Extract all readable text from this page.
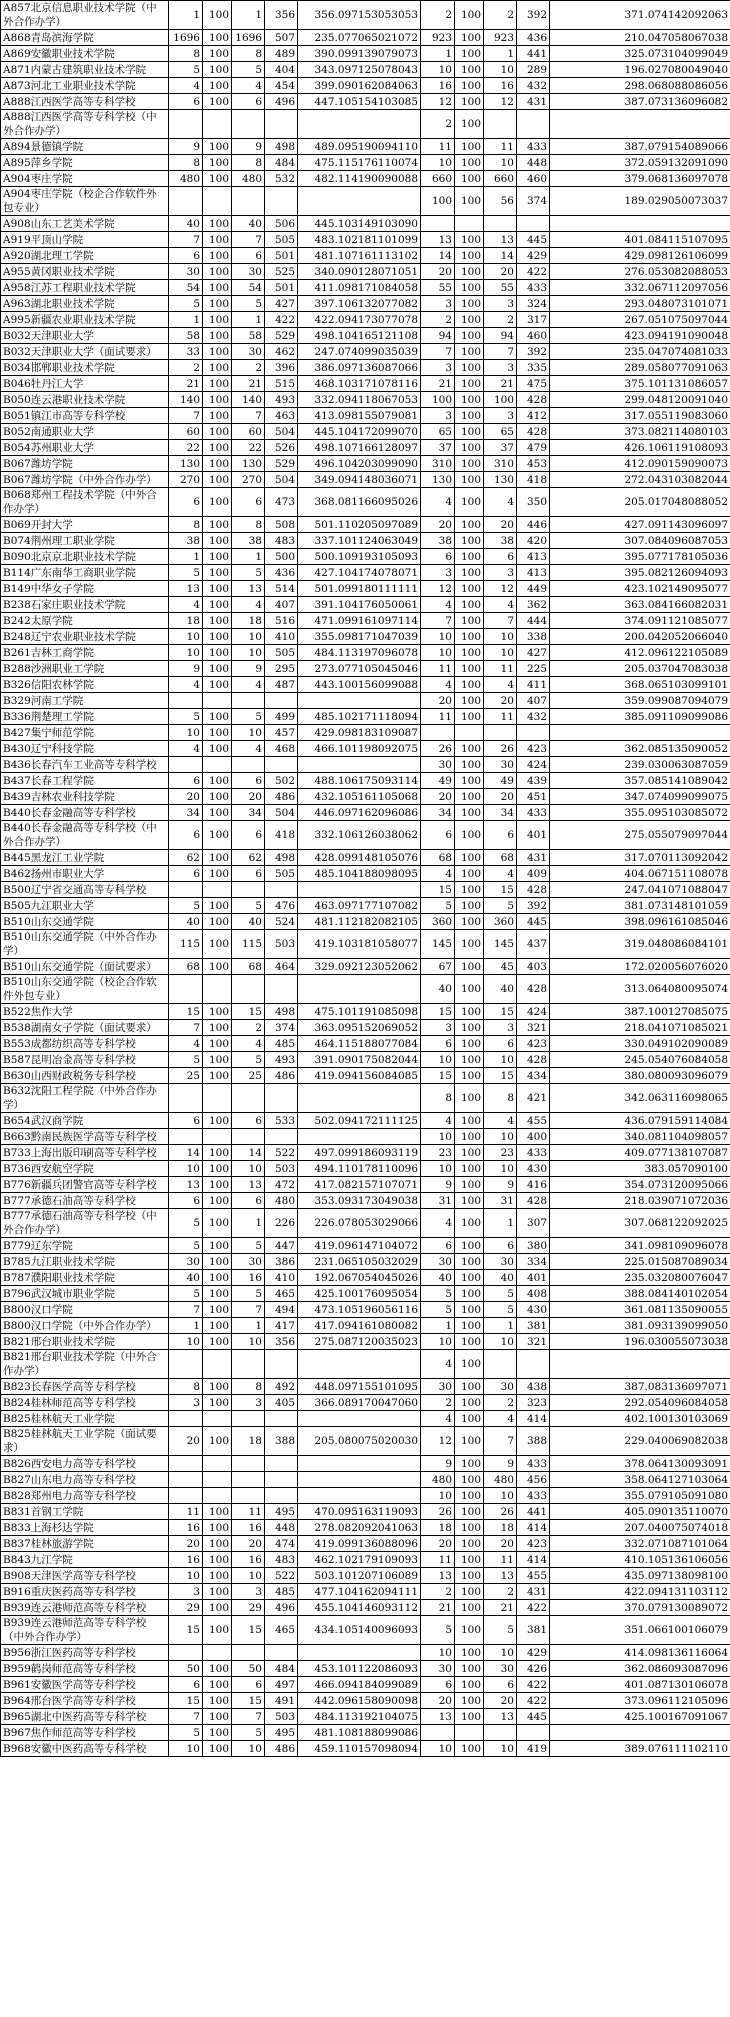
A857北京信息职业技术学院（中外合作办学）	1	100	1	356	356.097153053053	2	100	2	392	371.074142092063
A868青岛滨海学院	1696	100	1696	507	235.077065021072	923	100	923	436	210.047058067038
A869安徽职业技术学院	8	100	8	489	390.099139079073	1	100	1	441	325.073104099049
A871内蒙古建筑职业技术学院	5	100	5	404	343.097125078043	10	100	10	289	196.027080049040
A873河北工业职业技术学院	4	100	4	454	399.090162084063	16	100	16	432	298.068088086056
A888江西医学高等专科学校	6	100	6	496	447.105154103085	12	100	12	431	387.073136096082
A888江西医学高等专科学校（中外合作办学）						2	100			
A894景德镇学院	9	100	9	498	489.095190094110	11	100	11	433	387.079154089066
A895萍乡学院	8	100	8	484	475.115176110074	10	100	10	448	372.059132091090
A904枣庄学院	480	100	480	532	482.114190090088	660	100	660	460	379.068136097078
A904枣庄学院（校企合作软件外包专业）						100	100	56	374	189.029050073037
A908山东工艺美术学院	40	100	40	506	445.103149103090					
A919平顶山学院	7	100	7	505	483.102181101099	13	100	13	445	401.084115107095
A920湖北理工学院	6	100	6	501	481.107161113102	14	100	14	429	429.098126106099
A955黄冈职业技术学院	30	100	30	525	340.090128071051	20	100	20	422	276.053082088053
A958江苏工程职业技术学院	54	100	54	501	411.098171084058	55	100	55	433	332.067112097056
A963湖北职业技术学院	5	100	5	427	397.106132077082	3	100	3	324	293.048073101071
A995新疆农业职业技术学院	1	100	1	422	422.094173077078	2	100	2	317	267.051075097044
B032天津职业大学	58	100	58	529	498.104165121108	94	100	94	460	423.094191090048
B032天津职业大学（面试要求）	33	100	30	462	247.074099035039	7	100	7	392	235.047074081033
B034邯郸职业技术学院	2	100	2	396	386.097136087066	3	100	3	335	289.058077091063
B046牡丹江大学	21	100	21	515	468.103171078116	21	100	21	475	375.101131086057
B050连云港职业技术学院	140	100	140	493	332.094118067053	100	100	100	428	299.048120091040
B051镇江市高等专科学校	7	100	7	463	413.098155079081	3	100	3	412	317.055119083060
B052南通职业大学	60	100	60	504	445.104172099070	65	100	65	428	373.082114080103
B054苏州职业大学	22	100	22	526	498.107166128097	37	100	37	479	426.106119108093
B067潍坊学院	130	100	130	529	496.104203099090	310	100	310	453	412.090159090073
B067潍坊学院（中外合作办学）	270	100	270	504	349.094148036071	130	100	130	418	272.043103082044
B068郑州工程技术学院（中外合作办学）	6	100	6	473	368.081166095026	4	100	4	350	205.017048088052
B069开封大学	8	100	8	508	501.110205097089	20	100	20	446	427.091143096097
B074荆州理工职业学院	38	100	38	483	337.101124063049	38	100	38	420	307.084096087053
B090北京京北职业技术学院	1	100	1	500	500.109193105093	6	100	6	413	395.077178105036
B114广东南华工商职业学院	5	100	5	436	427.104174078071	3	100	3	413	395.082126094093
B149中华女子学院	13	100	13	514	501.099180111111	12	100	12	449	423.102149095077
B238石家庄职业技术学院	4	100	4	407	391.104176050061	4	100	4	362	363.084166082031
B242太原学院	18	100	18	516	471.099161097114	7	100	7	444	374.091121085077
B248辽宁农业职业技术学院	10	100	10	410	355.098171047039	10	100	10	338	200.042052066040
B261吉林工商学院	10	100	10	505	484.113197096078	10	100	10	427	412.096122105089
B288沙洲职业工学院	9	100	9	295	273.077105045046	11	100	11	225	205.037047083038
B326信阳农林学院	4	100	4	487	443.100156099088	4	100	4	411	368.065103099101
B329河南工学院						20	100	20	407	359.099087094079
B336荆楚理工学院	5	100	5	499	485.102171118094	11	100	11	432	385.091109099086
B427集宁师范学院	10	100	10	457	429.098183109087					
B430辽宁科技学院	4	100	4	468	466.101198092075	26	100	26	423	362.085135090052
B436长春汽车工业高等专科学校						30	100	30	424	239.030063087059
B437长春工程学院	6	100	6	502	488.106175093114	49	100	49	439	357.085141089042
B439吉林农业科技学院	20	100	20	486	432.105161105068	20	100	20	451	347.074099099075
B440长春金融高等专科学校	34	100	34	504	446.097162096086	34	100	34	433	355.095103085072
B440长春金融高等专科学校（中外合作办学）	6	100	6	418	332.106126038062	6	100	6	401	275.055079097044
B445黑龙江工业学院	62	100	62	498	428.099148105076	68	100	68	431	317.070113092042
B462扬州市职业大学	6	100	6	505	485.104188098095	4	100	4	409	404.067151108078
B500辽宁省交通高等专科学校						15	100	15	428	247.041071088047
B505九江职业大学	5	100	5	476	463.097177107082	5	100	5	392	381.073148101059
B510山东交通学院	40	100	40	524	481.112182082105	360	100	360	445	398.096161085046
B510山东交通学院（中外合作办学）	115	100	115	503	419.103181058077	145	100	145	437	319.048086084101
B510山东交通学院（面试要求）	68	100	68	464	329.092123052062	67	100	45	403	172.020056076020
B510山东交通学院（校企合作软件外包专业）						40	100	40	428	313.064080095074
B522焦作大学	15	100	15	498	475.101191085098	15	100	15	424	387.100127085075
B538湖南女子学院（面试要求）	7	100	2	374	363.095152069052	3	100	3	321	218.041071085021
B553成都纺织高等专科学校	4	100	4	485	464.115188077084	6	100	6	423	330.049102090089
B587昆明冶金高等专科学校	5	100	5	493	391.090175082044	10	100	10	428	245.054076084058
B630山西财政税务专科学校	25	100	25	486	419.094156084085	15	100	15	434	380.080093096079
B632沈阳工程学院（中外合作办学）						8	100	8	421	342.063116098065
B654武汉商学院	6	100	6	533	502.094172111125	4	100	4	455	436.079159114084
B663黔南民族医学高等专科学校						10	100	10	400	340.081104098057
B733上海出版印刷高等专科学校	14	100	14	522	497.099186093119	23	100	23	433	409.077138107087
B736西安航空学院	10	100	10	503	494.110178110096	10	100	10	430	383.057090100
B776新疆兵团警官高等专科学校	13	100	13	472	417.082157107071	9	100	9	416	354.073120095066
B777承德石油高等专科学校	6	100	6	480	353.093173049038	31	100	31	428	218.039071072036
B777承德石油高等专科学校（中外合作办学）	5	100	1	226	226.078053029066	4	100	1	307	307.068122092025
B779辽东学院	5	100	5	447	419.096147104072	6	100	6	380	341.098109096078
B785九江职业技术学院	30	100	30	386	231.065105032029	30	100	30	334	225.015087089034
B787濮阳职业技术学院	40	100	16	410	192.067054045026	40	100	40	401	235.032080076047
B796武汉城市职业学院	5	100	5	465	425.100176095054	5	100	5	408	388.084140102054
B800汉口学院	7	100	7	494	473.105196056116	5	100	5	430	361.081135090055
B800汉口学院（中外合作办学）	1	100	1	417	417.094161080082	1	100	1	381	381.093139099050
B821邢台职业技术学院	10	100	10	356	275.087120035023	10	100	10	321	196.030055073038
B821邢台职业技术学院（中外合作办学）						4	100			
B823长春医学高等专科学校	8	100	8	492	448.097155101095	30	100	30	438	387.083136097071
B824桂林师范高等专科学校	3	100	3	405	366.089170047060	2	100	2	323	292.054096084058
B825桂林航天工业学院						4	100	4	414	402.100130103069
B825桂林航天工业学院（面试要求）	20	100	18	388	205.080075020030	12	100	7	388	229.040069082038
B826西安电力高等专科学校						9	100	9	433	378.064130093091
B827山东电力高等专科学校						480	100	480	456	358.064127103064
B828郑州电力高等专科学校						10	100	10	433	355.079105091080
B831首钢工学院	11	100	11	495	470.095163119093	26	100	26	441	405.090135110070
B833上海杉达学院	16	100	16	448	278.082092041063	18	100	18	414	207.040075074018
B837桂林旅游学院	20	100	20	474	419.099136088096	20	100	20	423	332.071087101064
B843九江学院	16	100	16	483	462.102179109093	11	100	11	414	410.105136106056
B908天津医学高等专科学校	10	100	10	522	503.101207106089	13	100	13	455	435.097138098100
B916重庆医药高等专科学校	3	100	3	485	477.104162094111	2	100	2	431	422.094131103112
B939连云港师范高等专科学校	29	100	29	496	455.104146093112	21	100	21	422	370.079130089072
B939连云港师范高等专科学校（中外合作办学）	15	100	15	465	434.105140096093	5	100	5	381	351.066100106079
B956浙江医药高等专科学校						10	100	10	429	414.098136116064
B959鹤岗师范高等专科学校	50	100	50	484	453.101122086093	30	100	30	426	362.086093087096
B961安徽医学高等专科学校	6	100	6	497	466.094184099089	6	100	6	422	401.087130106078
B964邢台医学高等专科学校	15	100	15	491	442.096158090098	20	100	20	422	373.096112105096
B965湖北中医药高等专科学校	7	100	7	503	484.113192104075	13	100	13	445	425.100167091067
B967焦作师范高等专科学校	5	100	5	495	481.108188099086					
B968安徽中医药高等专科学校	10	100	10	486	459.110157098094	10	100	10	419	389.076111102110
